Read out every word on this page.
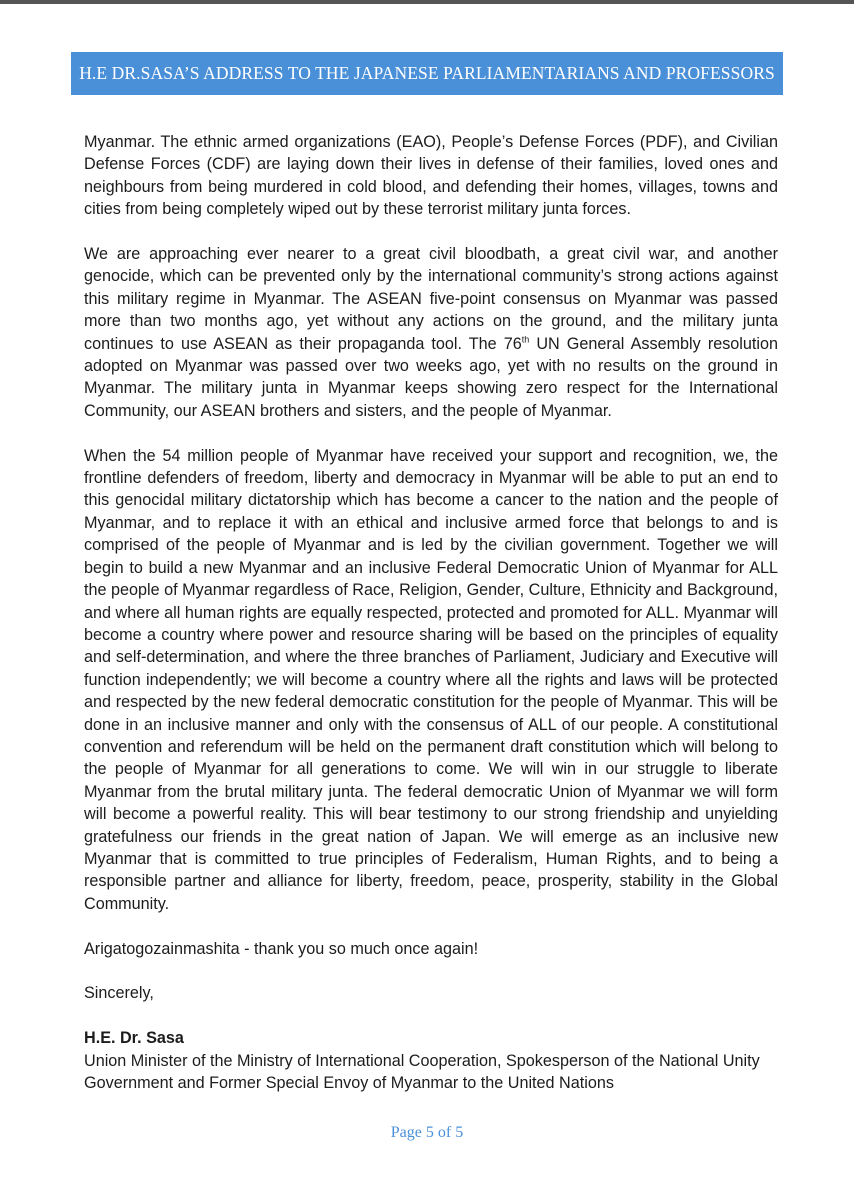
H.E DR.SASA’S ADDRESS TO THE JAPANESE PARLIAMENTARIANS AND PROFESSORS

Myanmar. The ethnic armed organizations (EAO), People’s Defense Forces (PDF), and Civilian Defense Forces (CDF) are laying down their lives in defense of their families, loved ones and neighbours from being murdered in cold blood, and defending their homes, villages, towns and cities from being completely wiped out by these terrorist military junta forces.

We are approaching ever nearer to a great civil bloodbath, a great civil war, and another genocide, which can be prevented only by the international community’s strong actions against this military regime in Myanmar. The ASEAN five-point consensus on Myanmar was passed more than two months ago, yet without any actions on the ground, and the military junta continues to use ASEAN as their propaganda tool. The 76th UN General Assembly resolution adopted on Myanmar was passed over two weeks ago, yet with no results on the ground in Myanmar. The military junta in Myanmar keeps showing zero respect for the International Community, our ASEAN brothers and sisters, and the people of Myanmar.

When the 54 million people of Myanmar have received your support and recognition, we, the frontline defenders of freedom, liberty and democracy in Myanmar will be able to put an end to this genocidal military dictatorship which has become a cancer to the nation and the people of Myanmar, and to replace it with an ethical and inclusive armed force that belongs to and is comprised of the people of Myanmar and is led by the civilian government. Together we will begin to build a new Myanmar and an inclusive Federal Democratic Union of Myanmar for ALL the people of Myanmar regardless of Race, Religion, Gender, Culture, Ethnicity and Background, and where all human rights are equally respected, protected and promoted for ALL. Myanmar will become a country where power and resource sharing will be based on the principles of equality and self-determination, and where the three branches of Parliament, Judiciary and Executive will function independently; we will become a country where all the rights and laws will be protected and respected by the new federal democratic constitution for the people of Myanmar. This will be done in an inclusive manner and only with the consensus of ALL of our people. A constitutional convention and referendum will be held on the permanent draft constitution which will belong to the people of Myanmar for all generations to come. We will win in our struggle to liberate Myanmar from the brutal military junta. The federal democratic Union of Myanmar we will form will become a powerful reality. This will bear testimony to our strong friendship and unyielding gratefulness our friends in the great nation of Japan. We will emerge as an inclusive new Myanmar that is committed to true principles of Federalism, Human Rights, and to being a responsible partner and alliance for liberty, freedom, peace, prosperity, stability in the Global Community.

Arigatogozainmashita - thank you so much once again!

Sincerely,

H.E. Dr. Sasa

Union Minister of the Ministry of International Cooperation, Spokesperson of the National Unity Government and Former Special Envoy of Myanmar to the United Nations

Page 5 of 5
